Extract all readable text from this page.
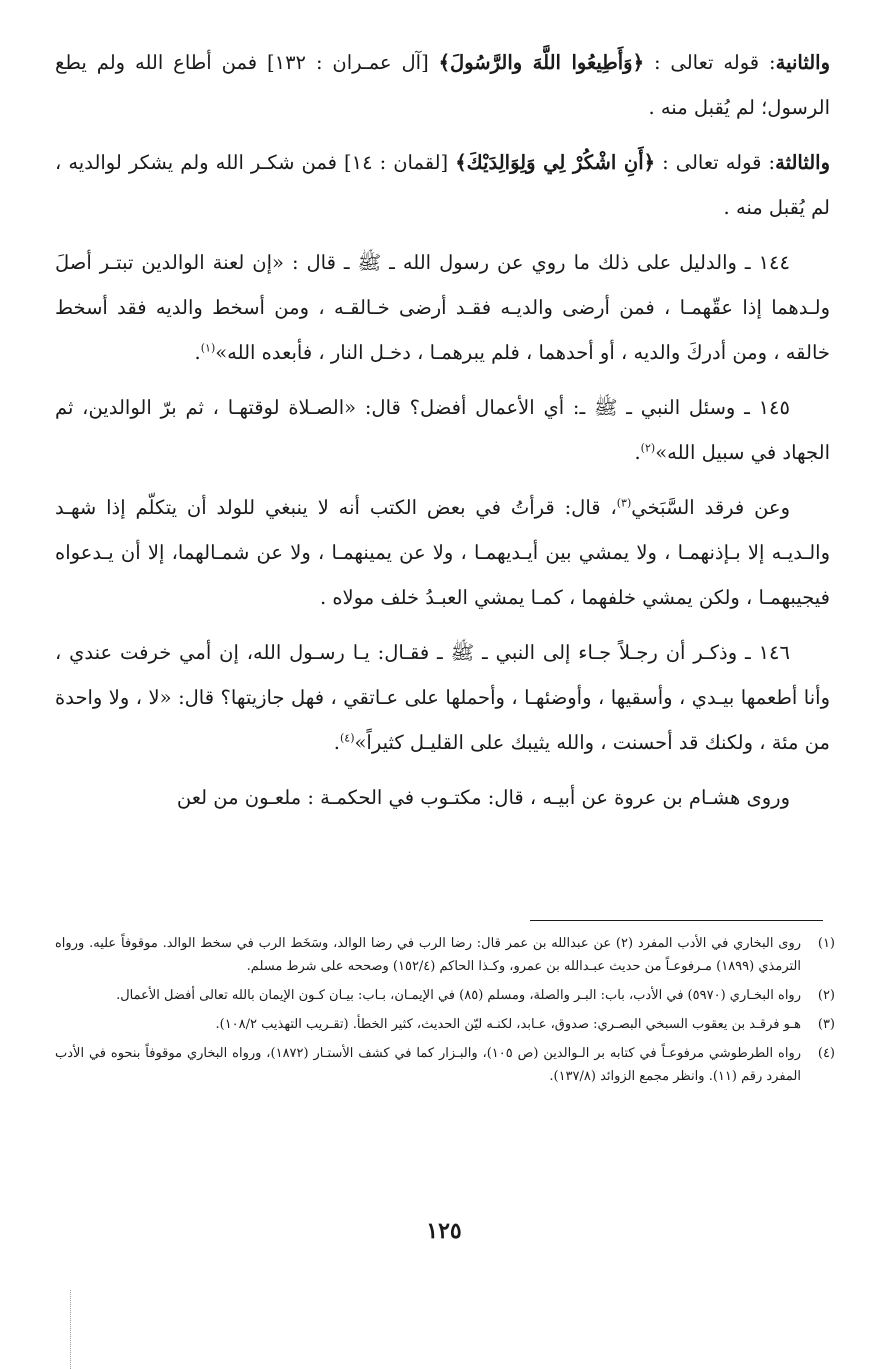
والثانية: قوله تعالى : ﴿وَأَطِيعُوا اللَّهَ والرَّسُولَ﴾ [آل عمـران : ١٣٢] فمن أطاع الله ولم يطع الرسول؛ لم يُقبل منه .

والثالثة: قوله تعالى : ﴿أَنِ اشْكُرْ لِي وَلِوَالِدَيْكَ﴾ [لقمان : ١٤] فمن شكـر الله ولم يشكر لوالديه ، لم يُقبل منه .

١٤٤ ـ والدليل على ذلك ما روي عن رسول الله ـ ﷺ ـ قال : «إن لعنة الوالدين تبتـر أصلَ ولـدهما إذا عقّهمـا ، فمن أرضى والديـه فقـد أرضى خـالقـه ، ومن أسخط والديه فقد أسخط خالقه ، ومن أدركَ والديه ، أو أحدهما ، فلم يبرهمـا ، دخـل النار ، فأبعده الله»$^{(١)}$.

١٤٥ ـ وسئل النبي ـ ﷺ ـ: أي الأعمال أفضل؟ قال: «الصـلاة لوقتهـا ، ثم برّ الوالدين، ثم الجهاد في سبيل الله»$^{(٢)}$.

وعن فرقد السَّبَخي$^{(٣)}$، قال: قرأتُ في بعض الكتب أنه لا ينبغي للولد أن يتكلّم إذا شهـد والـديـه إلا بـإذنهمـا ، ولا يمشي بين أيـديهمـا ، ولا عن يمينهمـا ، ولا عن شمـالهما، إلا أن يـدعواه فيجيبهمـا ، ولكن يمشي خلفهما ، كمـا يمشي العبـدُ خلف مولاه .

١٤٦ ـ وذكـر أن رجـلاً جـاء إلى النبي ـ ﷺ ـ فقـال: يـا رسـول الله، إن أمي خرفت عندي ، وأنا أطعمها بيـدي ، وأسقيها ، وأوضئهـا ، وأحملها على عـاتقي ، فهل جازيتها؟ قال: «لا ، ولا واحدة من مئة ، ولكنك قد أحسنت ، والله يثيبك على القليـل كثيراً»$^{(٤)}$.

وروى هشـام بن عروة عن أبيـه ، قال: مكتـوب في الحكمـة : ملعـون من لعن

(١)
روى البخاري في الأدب المفرد (٢) عن عبدالله بن عمر قال: رضا الرب في رضا الوالد، وسَخَط الرب في سخط الوالد. موقوفاً عليه. ورواه الترمذي (١٨٩٩) مـرفوعـاً من حديث عبـدالله بن عمرو، وكـذا الحاكم (١٥٢/٤) وصححه على شرط مسلم.
(٢)
رواه البخـاري (٥٩٧٠) في الأدب، باب: البـر والصلة، ومسلم (٨٥) في الإيمـان، بـاب: بيـان كـون الإيمان بالله تعالى أفضل الأعمال.
(٣)
هـو فرقـد بن يعقوب السبخي البصـري: صدوق، عـابد، لكنـه ليّن الحديث، كثير الخطأ. (تقـريب التهذيب ١٠٨/٢).
(٤)
رواه الطرطوشي مرفوعـاً في كتابه بر الـوالدين (ص ١٠٥)، والبـزار كما في كشف الأستـار (١٨٧٢)، ورواه البخاري موقوفاً بنحوه في الأدب المفرد رقم (١١). وانظر مجمع الزوائد (١٣٧/٨).
١٢٥
